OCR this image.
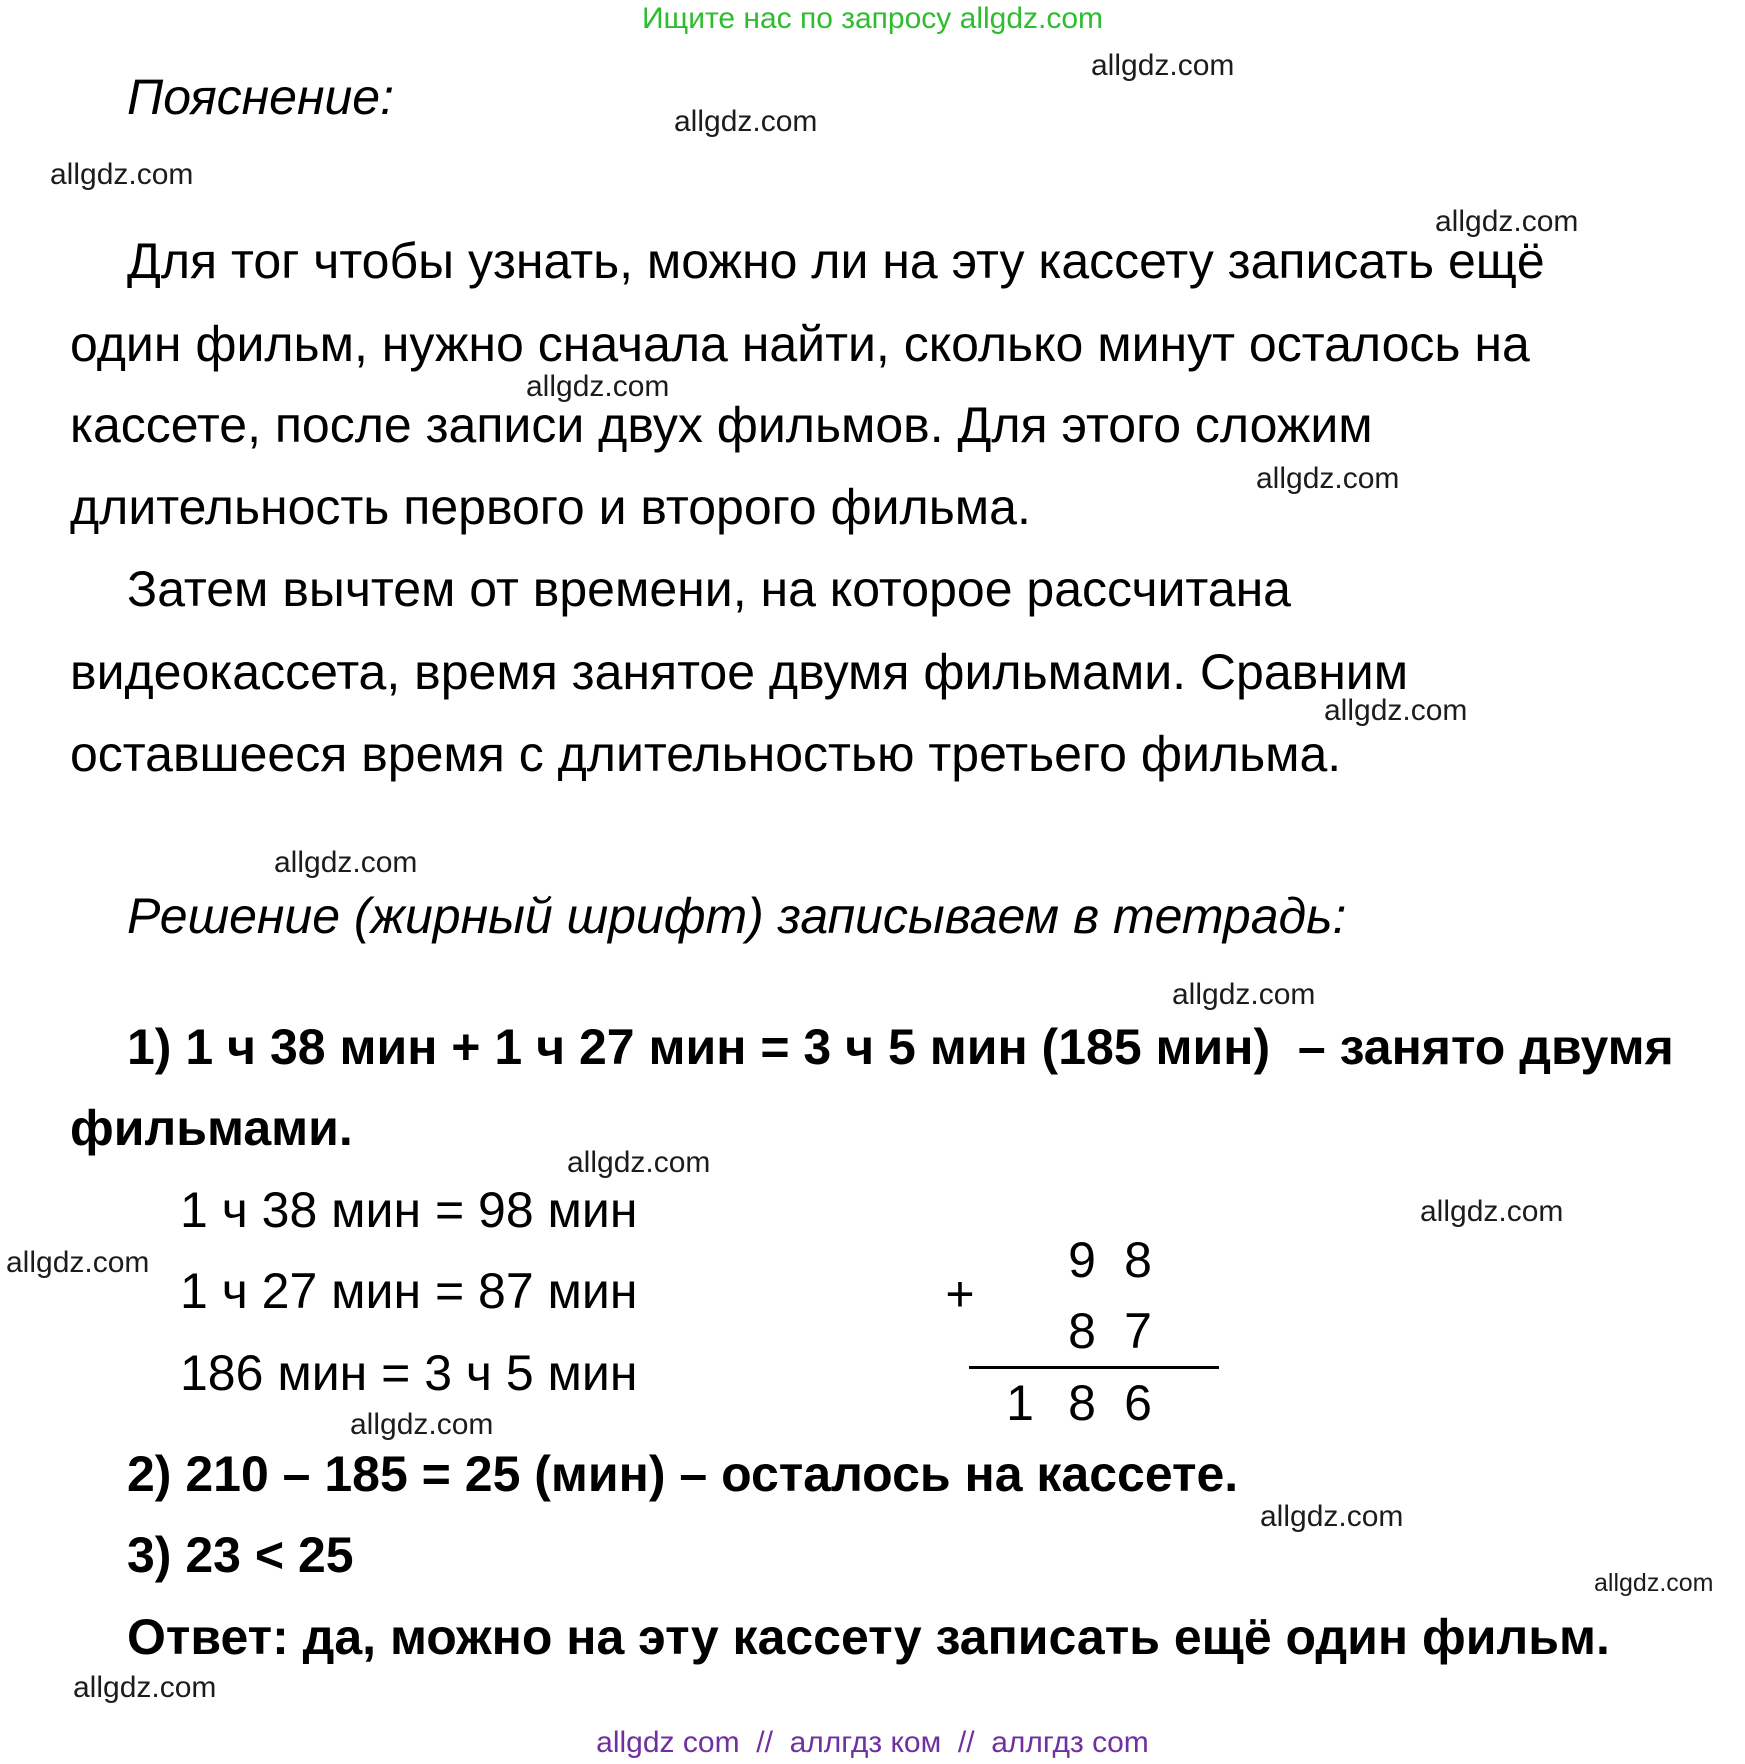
Ищите нас по запросу allgdz.com
Пояснение:
Для тог чтобы узнать, можно ли на эту кассету записать ещё
один фильм, нужно сначала найти, сколько минут осталось на
кассете, после записи двух фильмов. Для этого сложим
длительность первого и второго фильма.
Затем вычтем от времени, на которое рассчитана
видеокассета, время занятое двумя фильмами. Сравним
оставшееся время с длительностью третьего фильма.
Решение (жирный шрифт) записываем в тетрадь:
1) 1 ч 38 мин + 1 ч 27 мин = 3 ч 5 мин (185 мин)  – занято двумя
фильмами.
1 ч 38 мин = 98 мин
1 ч 27 мин = 87 мин
186 мин = 3 ч 5 мин
+
9 8
8 7
1 8 6
2) 210 – 185 = 25 (мин) – осталось на кассете.
3) 23 < 25
Ответ: да, можно на эту кассету записать ещё один фильм.
allgdz.com
allgdz.com
allgdz.com
allgdz.com
allgdz.com
allgdz.com
allgdz.com
allgdz.com
allgdz.com
allgdz.com
allgdz.com
allgdz.com
allgdz.com
allgdz.com
allgdz.com
allgdz.com
allgdz com  //  аллгдз ком  //  аллгдз com
